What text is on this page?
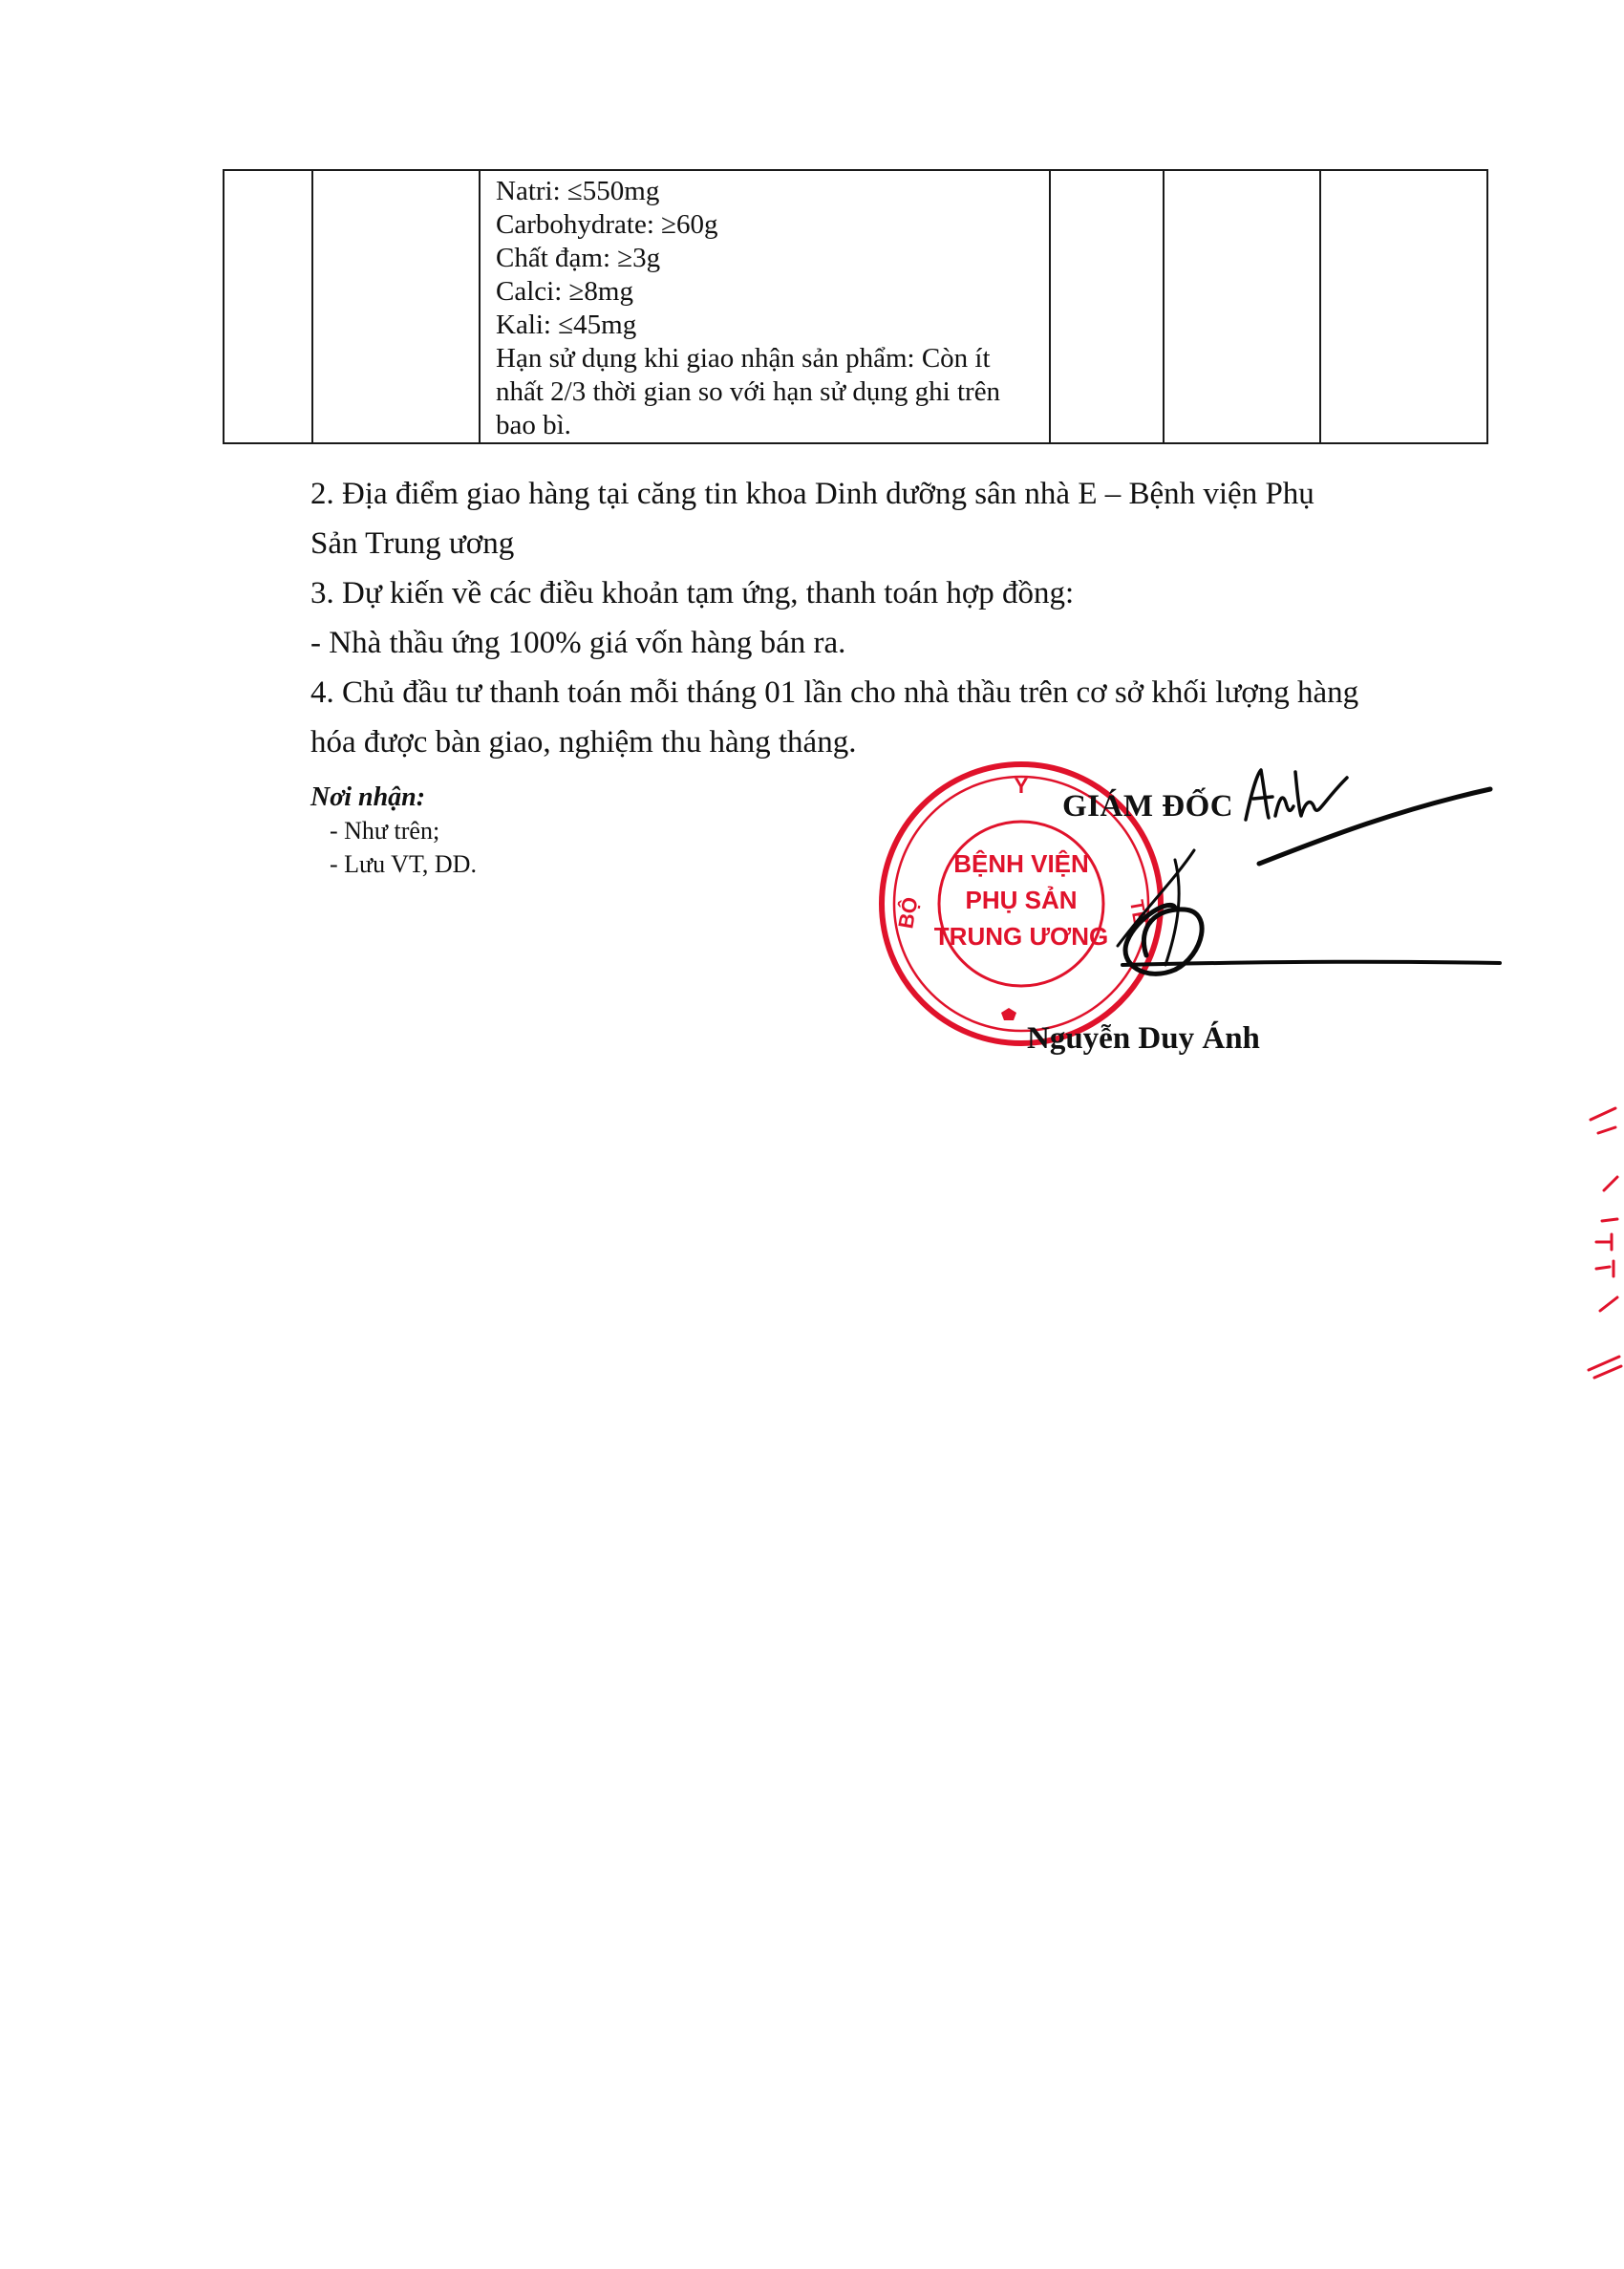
Natri: ≤550mg
Carbohydrate: ≥60g
Chất đạm: ≥3g
Calci: ≥8mg
Kali: ≤45mg
Hạn sử dụng khi giao nhận sản phẩm: Còn ít
nhất 2/3 thời gian so với hạn sử dụng ghi trên
bao bì.

2. Địa điểm giao hàng tại căng tin khoa Dinh dưỡng sân nhà E – Bệnh viện Phụ

Sản Trung ương

3. Dự kiến về các điều khoản tạm ứng, thanh toán hợp đồng:

- Nhà thầu ứng 100% giá vốn hàng bán ra.

4. Chủ đầu tư thanh toán mỗi tháng 01 lần cho nhà thầu trên cơ sở khối lượng hàng

hóa được bàn giao, nghiệm thu hàng tháng.

Nơi nhận:
- Như trên;
- Lưu VT, DD.
Y
BỘ	TẾ
BỆNH VIỆN
PHỤ SẢN
TRUNG ƯƠNG
GIÁM ĐỐC
Nguyễn Duy Ánh
